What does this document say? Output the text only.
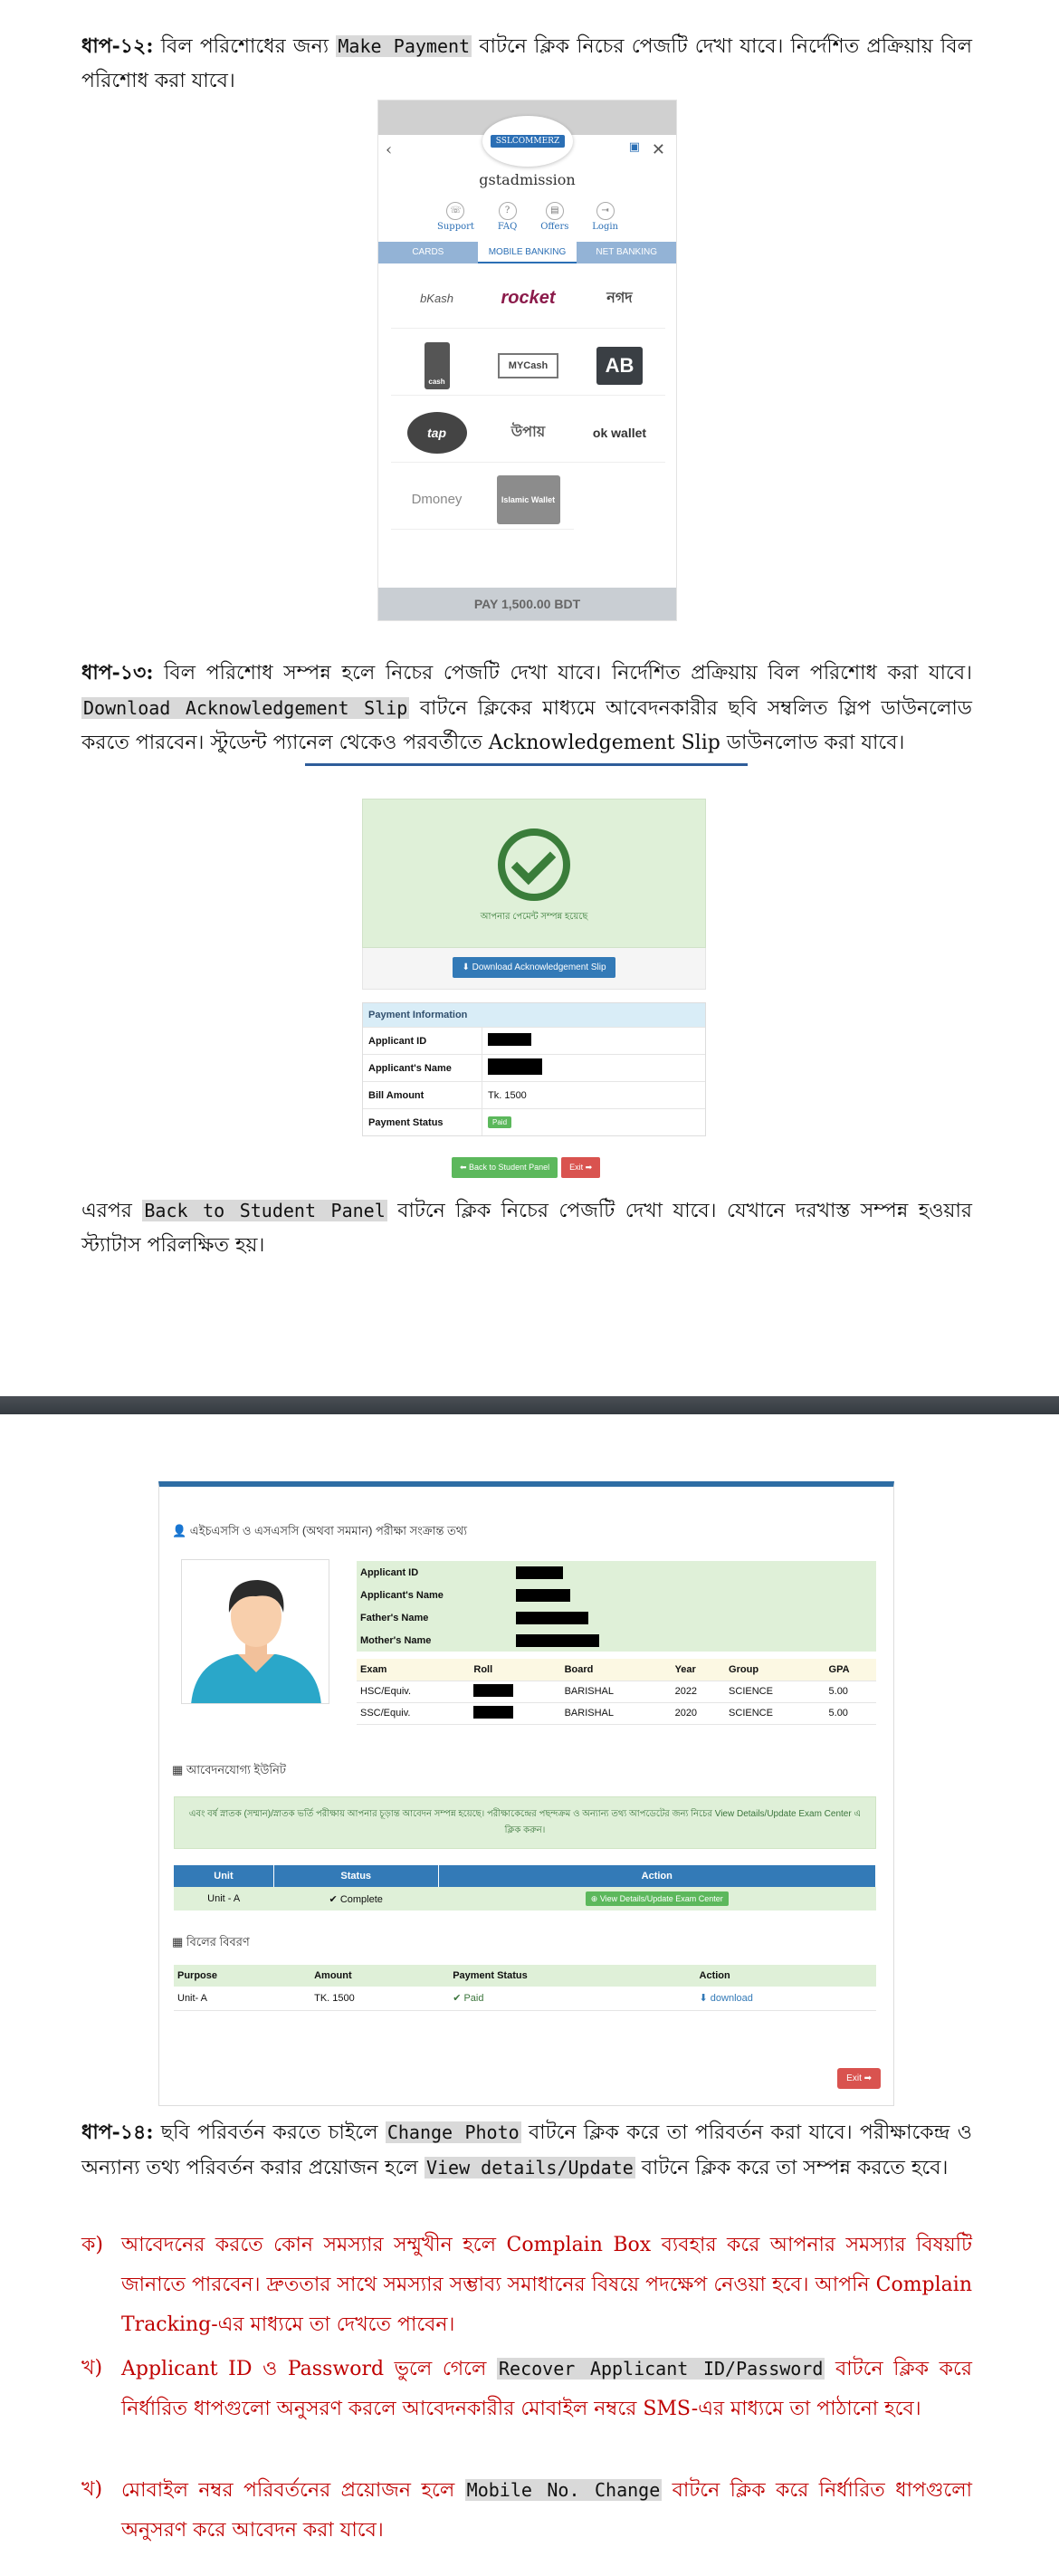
ধাপ-১২: বিল পরিশোধের জন্য Make Payment বাটনে ক্লিক নিচের পেজটি দেখা যাবে। নির্দেশিত প্রক্রিয়ায় বিল পরিশোধ করা যাবে।

SSLCOMMERZ
‹	▣ ✕
gstadmission
☏
Support
?
FAQ
▤
Offers
⇥
Login
CARDS	MOBILE BANKING	NET BANKING
bKash	rocket	নগদ
cash
MYCash	AB
tap	উপায়	ok wallet
Dmoney	Islamic Wallet
PAY 1,500.00 BDT

ধাপ-১৩: বিল পরিশোধ সম্পন্ন হলে নিচের পেজটি দেখা যাবে। নির্দেশিত প্রক্রিয়ায় বিল পরিশোধ করা যাবে। Download Acknowledgement Slip বাটনে ক্লিকের মাধ্যমে আবেদনকারীর ছবি সম্বলিত স্লিপ ডাউনলোড করতে পারবেন। স্টুডেন্ট প্যানেল থেকেও পরবর্তীতে Acknowledgement Slip ডাউনলোড করা যাবে।

আপনার পেমেন্ট সম্পন্ন হয়েছে
⬇ Download Acknowledgement Slip
Payment Information
Applicant ID
Applicant's Name
Bill Amount	Tk. 1500
Payment Status	Paid
⬅ Back to Student Panel Exit ➡

এরপর Back to Student Panel বাটনে ক্লিক নিচের পেজটি দেখা যাবে। যেখানে দরখাস্ত সম্পন্ন হওয়ার স্ট্যাটাস পরিলক্ষিত হয়।

👤 এইচএসসি ও এসএসসি (অথবা সমমান) পরীক্ষা সংক্রান্ত তথ্য
Applicant ID
Applicant's Name
Father's Name
Mother's Name
Exam	Roll	Board	Year	Group	GPA
HSC/Equiv.		BARISHAL	2022	SCIENCE	5.00
SSC/Equiv.		BARISHAL	2020	SCIENCE	5.00
▦ আবেদনযোগ্য ইউনিট
এবং বর্ষ স্নাতক (সম্মান)/স্নাতক ভর্তি পরীক্ষায় আপনার চূড়ান্ত আবেদন সম্পন্ন হয়েছে। পরীক্ষাকেন্দ্রের পছন্দক্রম ও অন্যান্য তথ্য আপডেটের জন্য নিচের View Details/Update Exam Center এ ক্লিক করুন।
Unit	Status	Action
Unit - A	✔ Complete	⊕ View Details/Update Exam Center
▦ বিলের বিবরণ
Purpose	Amount	Payment Status	Action
Unit- A	TK. 1500	✔ Paid	⬇ download
Exit ➡

ধাপ-১৪: ছবি পরিবর্তন করতে চাইলে Change Photo বাটনে ক্লিক করে তা পরিবর্তন করা যাবে। পরীক্ষাকেন্দ্র ও অন্যান্য তথ্য পরিবর্তন করার প্রয়োজন হলে View details/Update বাটনে ক্লিক করে তা সম্পন্ন করতে হবে।

ক) আবেদনের করতে কোন সমস্যার সম্মুখীন হলে Complain Box ব্যবহার করে আপনার সমস্যার বিষয়টি জানাতে পারবেন। দ্রুততার সাথে সমস্যার সম্ভাব্য সমাধানের বিষয়ে পদক্ষেপ নেওয়া হবে। আপনি Complain Tracking-এর মাধ্যমে তা দেখতে পাবেন।
খ) Applicant ID ও Password ভুলে গেলে Recover Applicant ID/Password বাটনে ক্লিক করে নির্ধারিত ধাপগুলো অনুসরণ করলে আবেদনকারীর মোবাইল নম্বরে SMS-এর মাধ্যমে তা পাঠানো হবে।
খ) মোবাইল নম্বর পরিবর্তনের প্রয়োজন হলে Mobile No. Change বাটনে ক্লিক করে নির্ধারিত ধাপগুলো অনুসরণ করে আবেদন করা যাবে।
